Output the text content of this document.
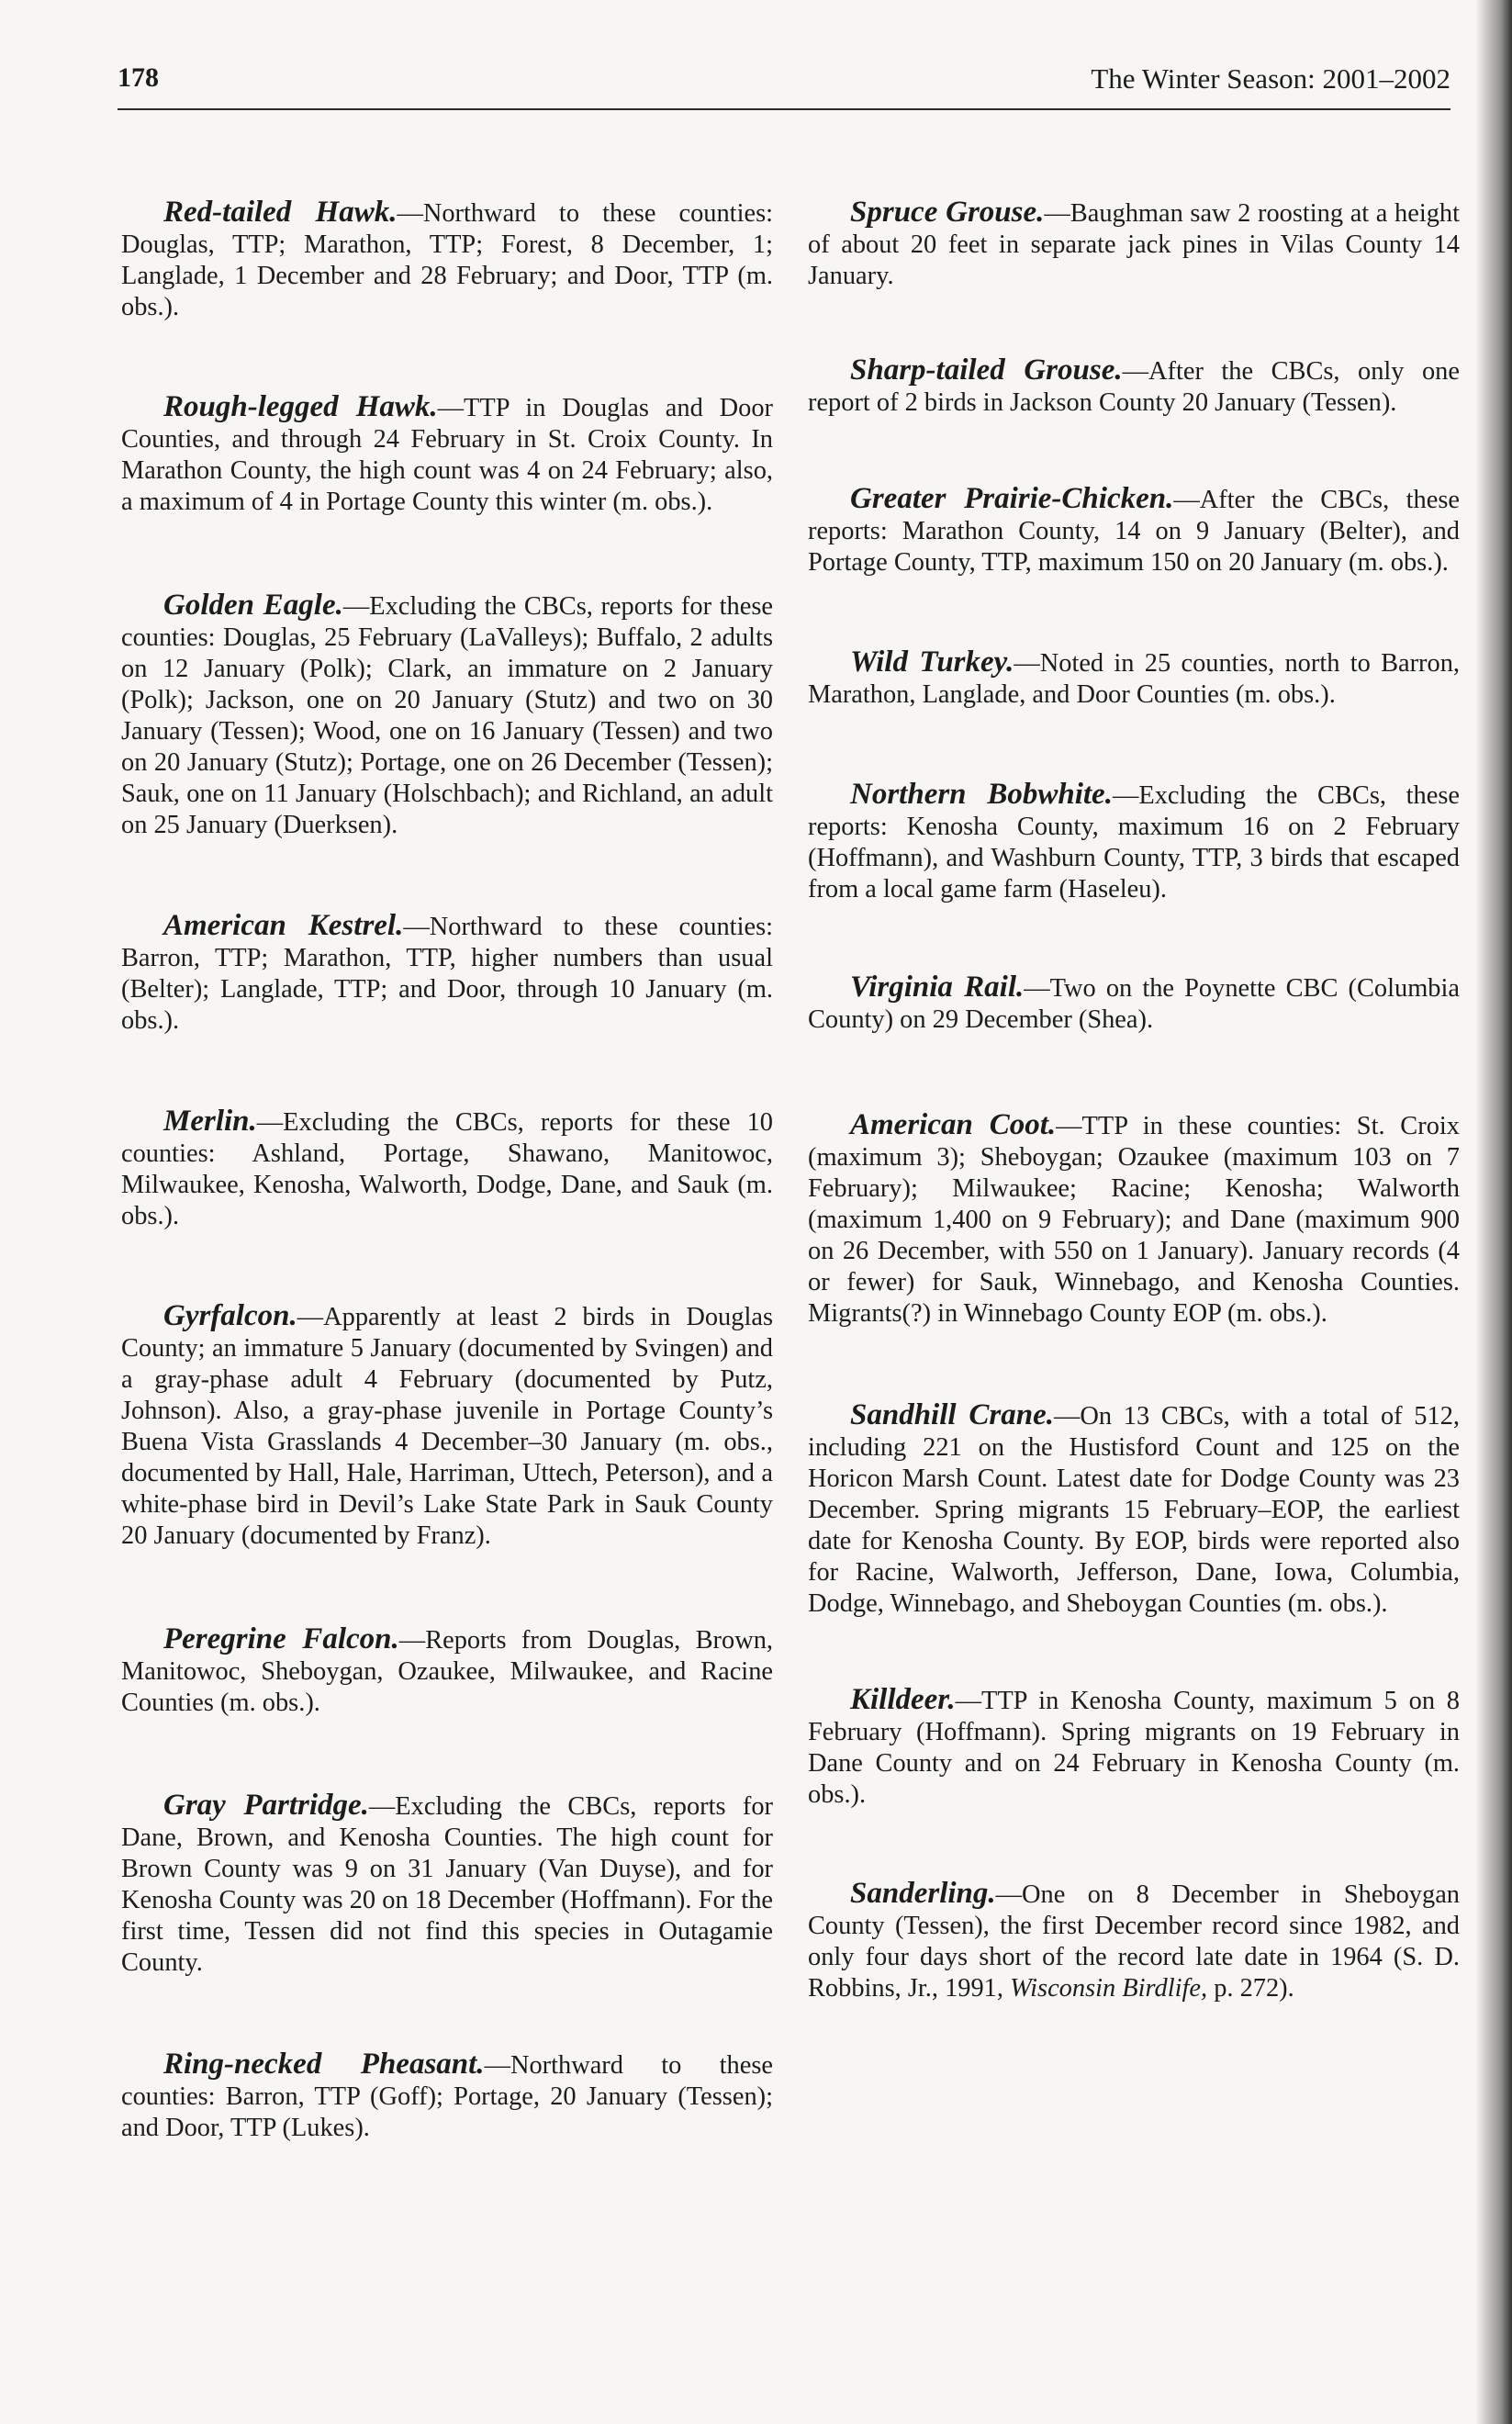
178	The Winter Season: 2001–2002

Red-tailed Hawk.—Northward to these counties: Douglas, TTP; Marathon, TTP; Forest, 8 December, 1; Langlade, 1 December and 28 February; and Door, TTP (m. obs.).

Rough-legged Hawk.—TTP in Douglas and Door Counties, and through 24 February in St. Croix County. In Marathon County, the high count was 4 on 24 February; also, a maximum of 4 in Portage County this winter (m. obs.).

Golden Eagle.—Excluding the CBCs, reports for these counties: Douglas, 25 February (LaValleys); Buffalo, 2 adults on 12 January (Polk); Clark, an immature on 2 January (Polk); Jackson, one on 20 January (Stutz) and two on 30 January (Tessen); Wood, one on 16 January (Tessen) and two on 20 January (Stutz); Portage, one on 26 December (Tessen); Sauk, one on 11 January (Holschbach); and Richland, an adult on 25 January (Duerksen).

American Kestrel.—Northward to these counties: Barron, TTP; Marathon, TTP, higher numbers than usual (Belter); Langlade, TTP; and Door, through 10 January (m. obs.).

Merlin.—Excluding the CBCs, reports for these 10 counties: Ashland, Portage, Shawano, Manitowoc, Milwaukee, Kenosha, Walworth, Dodge, Dane, and Sauk (m. obs.).

Gyrfalcon.—Apparently at least 2 birds in Douglas County; an immature 5 January (documented by Svingen) and a gray-phase adult 4 February (documented by Putz, Johnson). Also, a gray-phase juvenile in Portage County’s Buena Vista Grasslands 4 December–30 January (m. obs., documented by Hall, Hale, Harriman, Uttech, Peterson), and a white-phase bird in Devil’s Lake State Park in Sauk County 20 January (documented by Franz).

Peregrine Falcon.—Reports from Douglas, Brown, Manitowoc, Sheboygan, Ozaukee, Milwaukee, and Racine Counties (m. obs.).

Gray Partridge.—Excluding the CBCs, reports for Dane, Brown, and Kenosha Counties. The high count for Brown County was 9 on 31 January (Van Duyse), and for Kenosha County was 20 on 18 December (Hoffmann). For the first time, Tessen did not find this species in Outagamie County.

Ring-necked Pheasant.—Northward to these counties: Barron, TTP (Goff); Portage, 20 January (Tessen); and Door, TTP (Lukes).

Spruce Grouse.—Baughman saw 2 roosting at a height of about 20 feet in separate jack pines in Vilas County 14 January.

Sharp-tailed Grouse.—After the CBCs, only one report of 2 birds in Jackson County 20 January (Tessen).

Greater Prairie-Chicken.—After the CBCs, these reports: Marathon County, 14 on 9 January (Belter), and Portage County, TTP, maximum 150 on 20 January (m. obs.).

Wild Turkey.—Noted in 25 counties, north to Barron, Marathon, Langlade, and Door Counties (m. obs.).

Northern Bobwhite.—Excluding the CBCs, these reports: Kenosha County, maximum 16 on 2 February (Hoffmann), and Washburn County, TTP, 3 birds that escaped from a local game farm (Haseleu).

Virginia Rail.—Two on the Poynette CBC (Columbia County) on 29 December (Shea).

American Coot.—TTP in these counties: St. Croix (maximum 3); Sheboygan; Ozaukee (maximum 103 on 7 February); Milwaukee; Racine; Kenosha; Walworth (maximum 1,400 on 9 February); and Dane (maximum 900 on 26 December, with 550 on 1 January). January records (4 or fewer) for Sauk, Winnebago, and Kenosha Counties. Migrants(?) in Winnebago County EOP (m. obs.).

Sandhill Crane.—On 13 CBCs, with a total of 512, including 221 on the Hustisford Count and 125 on the Horicon Marsh Count. Latest date for Dodge County was 23 December. Spring migrants 15 February–EOP, the earliest date for Kenosha County. By EOP, birds were reported also for Racine, Walworth, Jefferson, Dane, Iowa, Columbia, Dodge, Winnebago, and Sheboygan Counties (m. obs.).

Killdeer.—TTP in Kenosha County, maximum 5 on 8 February (Hoffmann). Spring migrants on 19 February in Dane County and on 24 February in Kenosha County (m. obs.).

Sanderling.—One on 8 December in Sheboygan County (Tessen), the first December record since 1982, and only four days short of the record late date in 1964 (S. D. Robbins, Jr., 1991, Wisconsin Birdlife, p. 272).
